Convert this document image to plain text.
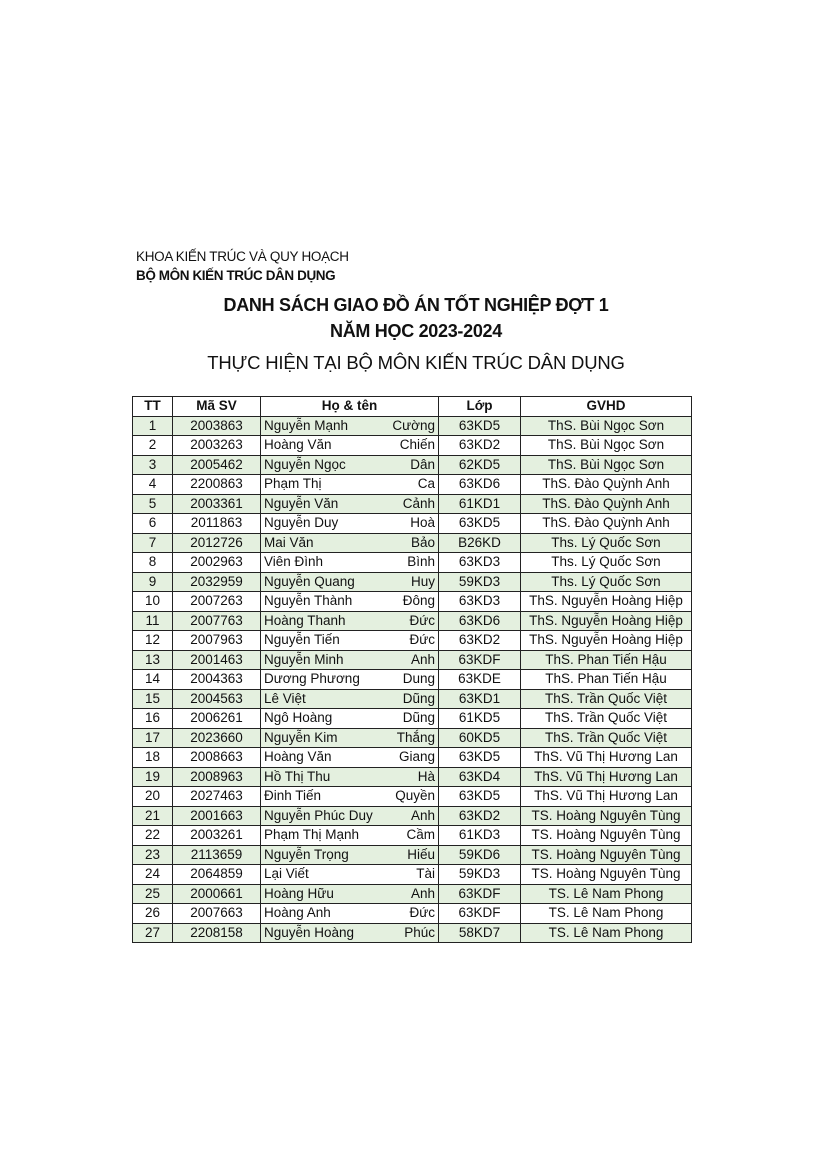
KHOA KIẾN TRÚC VÀ QUY HOẠCH
BỘ MÔN KIẾN TRÚC DÂN DỤNG
DANH SÁCH GIAO ĐỒ ÁN TỐT NGHIỆP ĐỢT 1
NĂM HỌC 2023-2024
THỰC HIỆN TẠI BỘ MÔN KIẾN TRÚC DÂN DỤNG
TT	Mã SV	Họ & tên		Lớp	GVHD
1	2003863	Nguyễn Mạnh	Cường	63KD5	ThS. Bùi Ngọc Sơn
2	2003263	Hoàng Văn	Chiến	63KD2	ThS. Bùi Ngọc Sơn
3	2005462	Nguyễn Ngọc	Dân	62KD5	ThS. Bùi Ngọc Sơn
4	2200863	Phạm Thị	Ca	63KD6	ThS. Đào Quỳnh Anh
5	2003361	Nguyễn Văn	Cảnh	61KD1	ThS. Đào Quỳnh Anh
6	2011863	Nguyễn Duy	Hoà	63KD5	ThS. Đào Quỳnh Anh
7	2012726	Mai Văn	Bảo	B26KD	Ths. Lý Quốc Sơn
8	2002963	Viên Đình	Bình	63KD3	Ths. Lý Quốc Sơn
9	2032959	Nguyễn Quang	Huy	59KD3	Ths. Lý Quốc Sơn
10	2007263	Nguyễn Thành	Đông	63KD3	ThS. Nguyễn Hoàng Hiệp
11	2007763	Hoàng Thanh	Đức	63KD6	ThS. Nguyễn Hoàng Hiệp
12	2007963	Nguyễn Tiến	Đức	63KD2	ThS. Nguyễn Hoàng Hiệp
13	2001463	Nguyễn Minh	Anh	63KDF	ThS. Phan Tiến Hậu
14	2004363	Dương Phương	Dung	63KDE	ThS. Phan Tiến Hậu
15	2004563	Lê Việt	Dũng	63KD1	ThS. Trần Quốc Việt
16	2006261	Ngô Hoàng	Dũng	61KD5	ThS. Trần Quốc Việt
17	2023660	Nguyễn Kim	Thắng	60KD5	ThS. Trần Quốc Việt
18	2008663	Hoàng Văn	Giang	63KD5	ThS. Vũ Thị Hương Lan
19	2008963	Hồ Thị Thu	Hà	63KD4	ThS. Vũ Thị Hương Lan
20	2027463	Đinh Tiến	Quyền	63KD5	ThS. Vũ Thị Hương Lan
21	2001663	Nguyễn Phúc Duy	Anh	63KD2	TS. Hoàng Nguyên Tùng
22	2003261	Phạm Thị Mạnh	Cầm	61KD3	TS. Hoàng Nguyên Tùng
23	2113659	Nguyễn Trọng	Hiếu	59KD6	TS. Hoàng Nguyên Tùng
24	2064859	Lại Viết	Tài	59KD3	TS. Hoàng Nguyên Tùng
25	2000661	Hoàng Hữu	Anh	63KDF	TS. Lê Nam Phong
26	2007663	Hoàng Anh	Đức	63KDF	TS. Lê Nam Phong
27	2208158	Nguyễn Hoàng	Phúc	58KD7	TS. Lê Nam Phong
